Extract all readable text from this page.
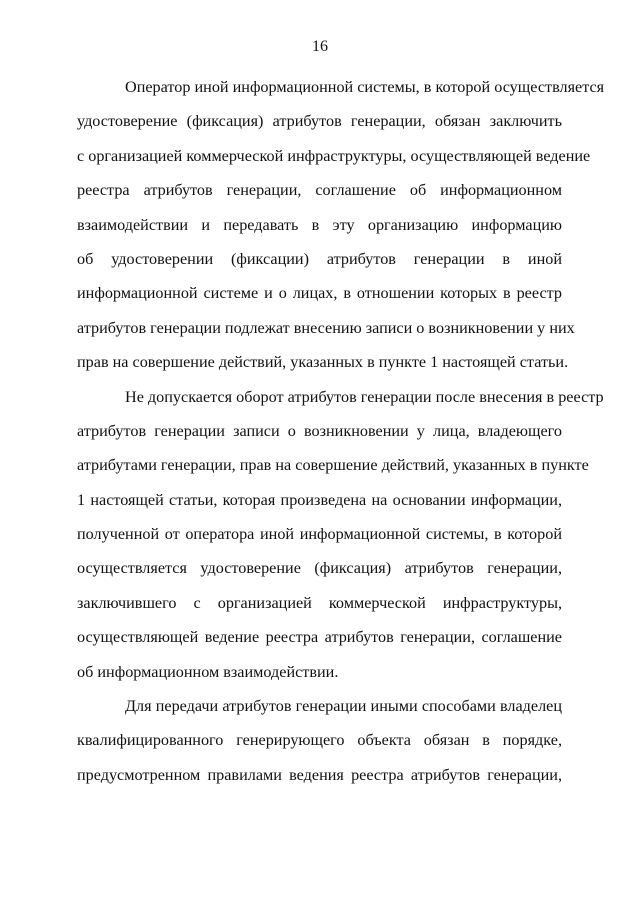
16
Оператор иной информационной системы, в которой осуществляется
удостоверение (фиксация) атрибутов генерации, обязан заключить
с организацией коммерческой инфраструктуры, осуществляющей ведение
реестра атрибутов генерации, соглашение об информационном
взаимодействии и передавать в эту организацию информацию
об удостоверении (фиксации) атрибутов генерации в иной
информационной системе и о лицах, в отношении которых в реестр
атрибутов генерации подлежат внесению записи о возникновении у них
прав на совершение действий, указанных в пункте 1 настоящей статьи.
Не допускается оборот атрибутов генерации после внесения в реестр
атрибутов генерации записи о возникновении у лица, владеющего
атрибутами генерации, прав на совершение действий, указанных в пункте
1 настоящей статьи, которая произведена на основании информации,
полученной от оператора иной информационной системы, в которой
осуществляется удостоверение (фиксация) атрибутов генерации,
заключившего с организацией коммерческой инфраструктуры,
осуществляющей ведение реестра атрибутов генерации, соглашение
об информационном взаимодействии.
Для передачи атрибутов генерации иными способами владелец
квалифицированного генерирующего объекта обязан в порядке,
предусмотренном правилами ведения реестра атрибутов генерации,
